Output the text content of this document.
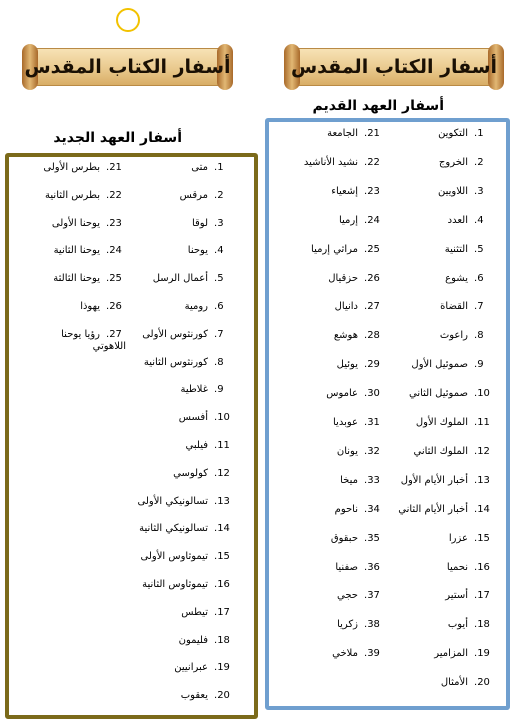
أسفار الكتاب المقدس	أسفار الكتاب المقدس
أسفار العهد القديم
أسفار العهد الجديد	1.التكوين
2.الخروج
3.اللاويين
4.العدد
5.التثنية
6.يشوع
7.القضاة
8.راعوث
9.صموئيل الأول
10.صموئيل الثاني
11.الملوك الأول
12.الملوك الثاني
13.أخبار الأيام الأول
14.أخبار الأيام الثاني
15.عزرا
16.نحميا
17.أستير
18.أيوب
19.المزامير
20.الأمثال
21.الجامعة
22.نشيد الأناشيد
23.إشعياء
24.إرميا
25.مراثي إرميا
26.حزقيال
27.دانيال
28.هوشع
29.يوئيل
30.عاموس
31.عوبديا
32.يونان
33.ميخا
34.ناحوم
35.حبقوق
36.صفنيا
37.حجي
38.زكريا
39.ملاخي
1.متى
2.مرقس
3.لوقا
4.يوحنا
5.أعمال الرسل
6.رومية
7.كورنثوس الأولى
8.كورنثوس الثانية
9.غلاطية
10.أفسس
11.فيلبي
12.كولوسي
13.تسالونيكي الأولى
14.تسالونيكي الثانية
15.تيموثاوس الأولى
16.تيموثاوس الثانية
17.تيطس
18.فليمون
19.عبرانيين
20.يعقوب
21.بطرس الأولى
22.بطرس الثانية
23.يوحنا الأولى
24.يوحنا الثانية
25.يوحنا الثالثة
26.يهوذا
27.رؤيا يوحنا اللاهوتي
